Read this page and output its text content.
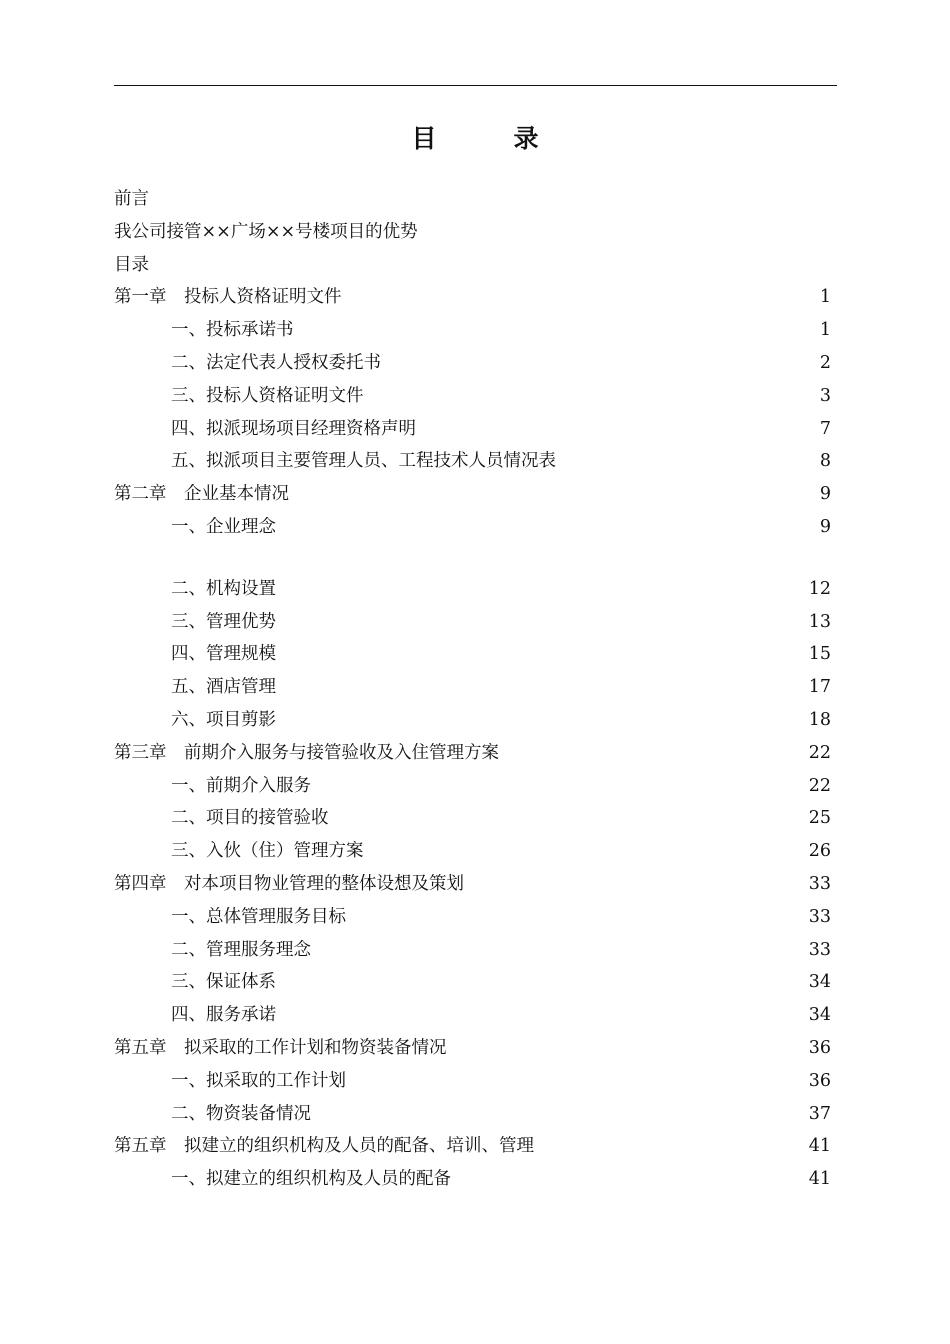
目　录
前言
我公司接管××广场××号楼项目的优势
目录
第一章　投标人资格证明文件	1
一、投标承诺书	1
二、法定代表人授权委托书	2
三、投标人资格证明文件	3
四、拟派现场项目经理资格声明	7
五、拟派项目主要管理人员、工程技术人员情况表	8
第二章　企业基本情况	9
一、企业理念	9
二、机构设置	12
三、管理优势	13
四、管理规模	15
五、酒店管理	17
六、项目剪影	18
第三章　前期介入服务与接管验收及入住管理方案	22
一、前期介入服务	22
二、项目的接管验收	25
三、入伙（住）管理方案	26
第四章　对本项目物业管理的整体设想及策划	33
一、总体管理服务目标	33
二、管理服务理念	33
三、保证体系	34
四、服务承诺	34
第五章　拟采取的工作计划和物资装备情况	36
一、拟采取的工作计划	36
二、物资装备情况	37
第五章　拟建立的组织机构及人员的配备、培训、管理	41
一、拟建立的组织机构及人员的配备	41
